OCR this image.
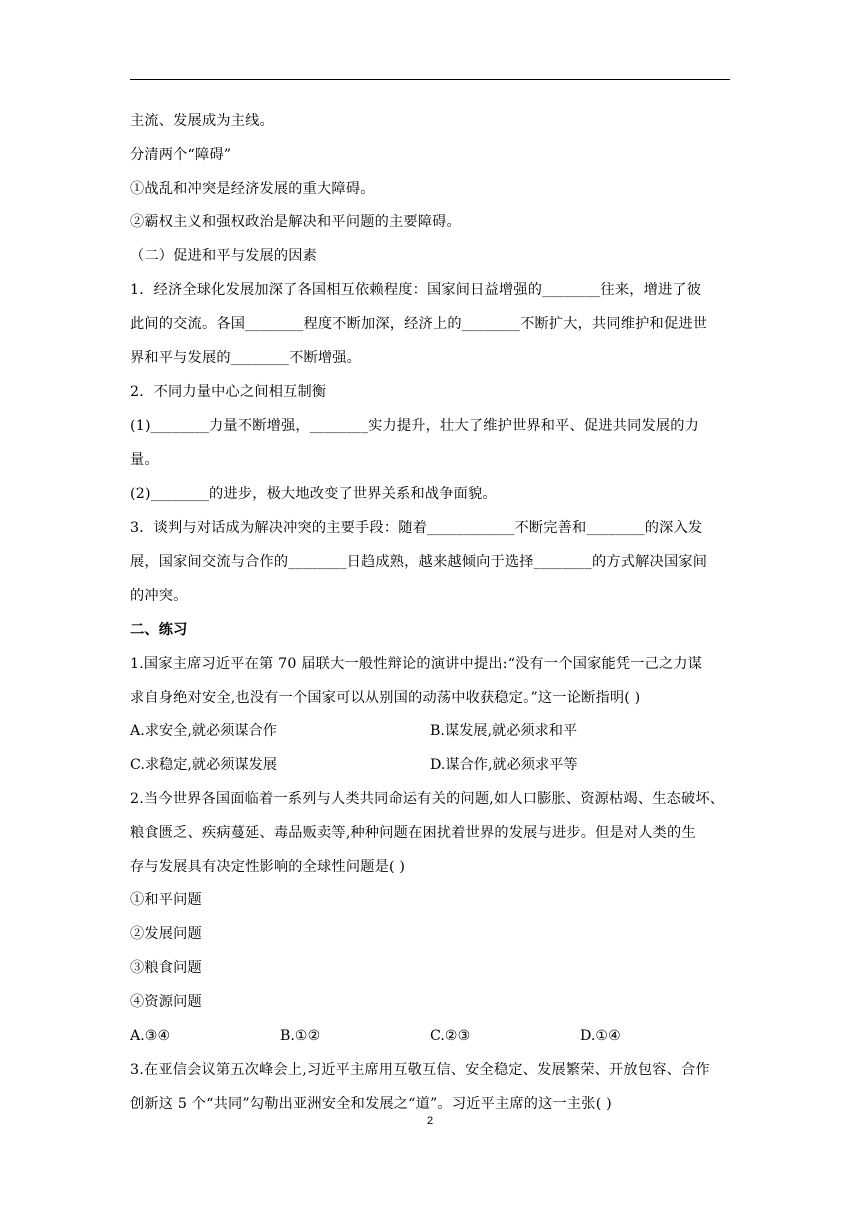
主流、发展成为主线。
分清两个“障碍”
①战乱和冲突是经济发展的重大障碍。
②霸权主义和强权政治是解决和平问题的主要障碍。
（二）促进和平与发展的因素
1．经济全球化发展加深了各国相互依赖程度：国家间日益增强的________往来，增进了彼
此间的交流。各国________程度不断加深，经济上的________不断扩大，共同维护和促进世
界和平与发展的________不断增强。
2．不同力量中心之间相互制衡
(1)________力量不断增强，________实力提升，壮大了维护世界和平、促进共同发展的力
量。
(2)________的进步，极大地改变了世界关系和战争面貌。
3．谈判与对话成为解决冲突的主要手段：随着____________不断完善和________的深入发
展，国家间交流与合作的________日趋成熟，越来越倾向于选择________的方式解决国家间
的冲突。
二、练习
1.国家主席习近平在第 70 届联大一般性辩论的演讲中提出:“没有一个国家能凭一己之力谋
求自身绝对安全,也没有一个国家可以从别国的动荡中收获稳定。”这一论断指明( )
A.求安全,就必须谋合作	B.谋发展,就必须求和平
C.求稳定,就必须谋发展	D.谋合作,就必须求平等
2.当今世界各国面临着一系列与人类共同命运有关的问题,如人口膨胀、资源枯竭、生态破坏、
粮食匮乏、疾病蔓延、毒品贩卖等,种种问题在困扰着世界的发展与进步。但是对人类的生
存与发展具有决定性影响的全球性问题是( )
①和平问题
②发展问题
③粮食问题
④资源问题
A.③④	B.①②	C.②③	D.①④
3.在亚信会议第五次峰会上,习近平主席用互敬互信、安全稳定、发展繁荣、开放包容、合作
创新这 5 个“共同”勾勒出亚洲安全和发展之“道”。习近平主席的这一主张( )
2
